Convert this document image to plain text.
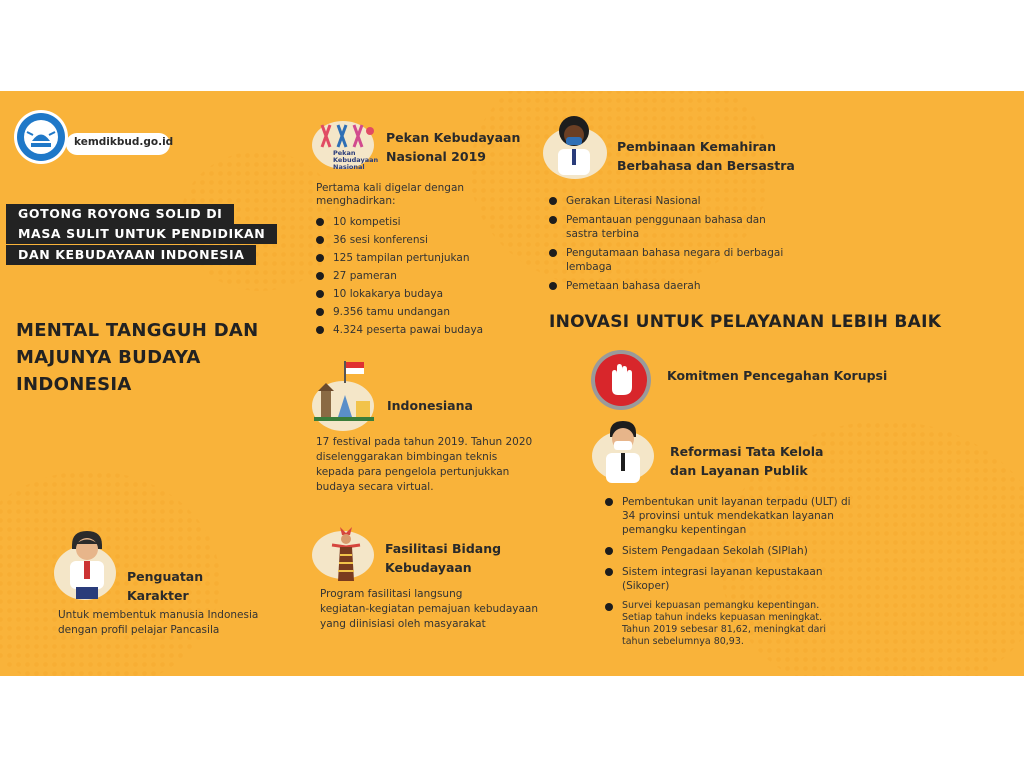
kemdikbud.go.id
GOTONG ROYONG SOLID DI
MASA SULIT UNTUK PENDIDIKAN
DAN KEBUDAYAAN INDONESIA
MENTAL TANGGUH DAN
MAJUNYA BUDAYA
INDONESIA
Penguatan
Karakter
Untuk membentuk manusia Indonesia
dengan profil pelajar Pancasila
Pekan
Kebudayaan
Nasional
Pekan Kebudayaan
Nasional 2019
Pertama kali digelar dengan
menghadirkan:
10 kompetisi
36 sesi konferensi
125 tampilan pertunjukan
27 pameran
10 lokakarya budaya
9.356 tamu undangan
4.324 peserta pawai budaya
Indonesiana
17 festival pada tahun 2019. Tahun 2020
diselenggarakan bimbingan teknis
kepada para pengelola pertunjukkan
budaya secara virtual.
Fasilitasi Bidang
Kebudayaan
Program fasilitasi langsung
kegiatan-kegiatan pemajuan kebudayaan
yang diinisiasi oleh masyarakat
Pembinaan Kemahiran
Berbahasa dan Bersastra
Gerakan Literasi Nasional
Pemantauan penggunaan bahasa dan
sastra terbina
Pengutamaan bahasa negara di berbagai
lembaga
Pemetaan bahasa daerah
INOVASI UNTUK PELAYANAN LEBIH BAIK
Komitmen Pencegahan Korupsi
Reformasi Tata Kelola
dan Layanan Publik
Pembentukan unit layanan terpadu (ULT) di
34 provinsi untuk mendekatkan layanan
pemangku kepentingan
Sistem Pengadaan Sekolah (SIPlah)
Sistem integrasi layanan kepustakaan
(Sikoper)
Survei kepuasan pemangku kepentingan.
Setiap tahun indeks kepuasan meningkat.
Tahun 2019 sebesar 81,62, meningkat dari
tahun sebelumnya 80,93.
